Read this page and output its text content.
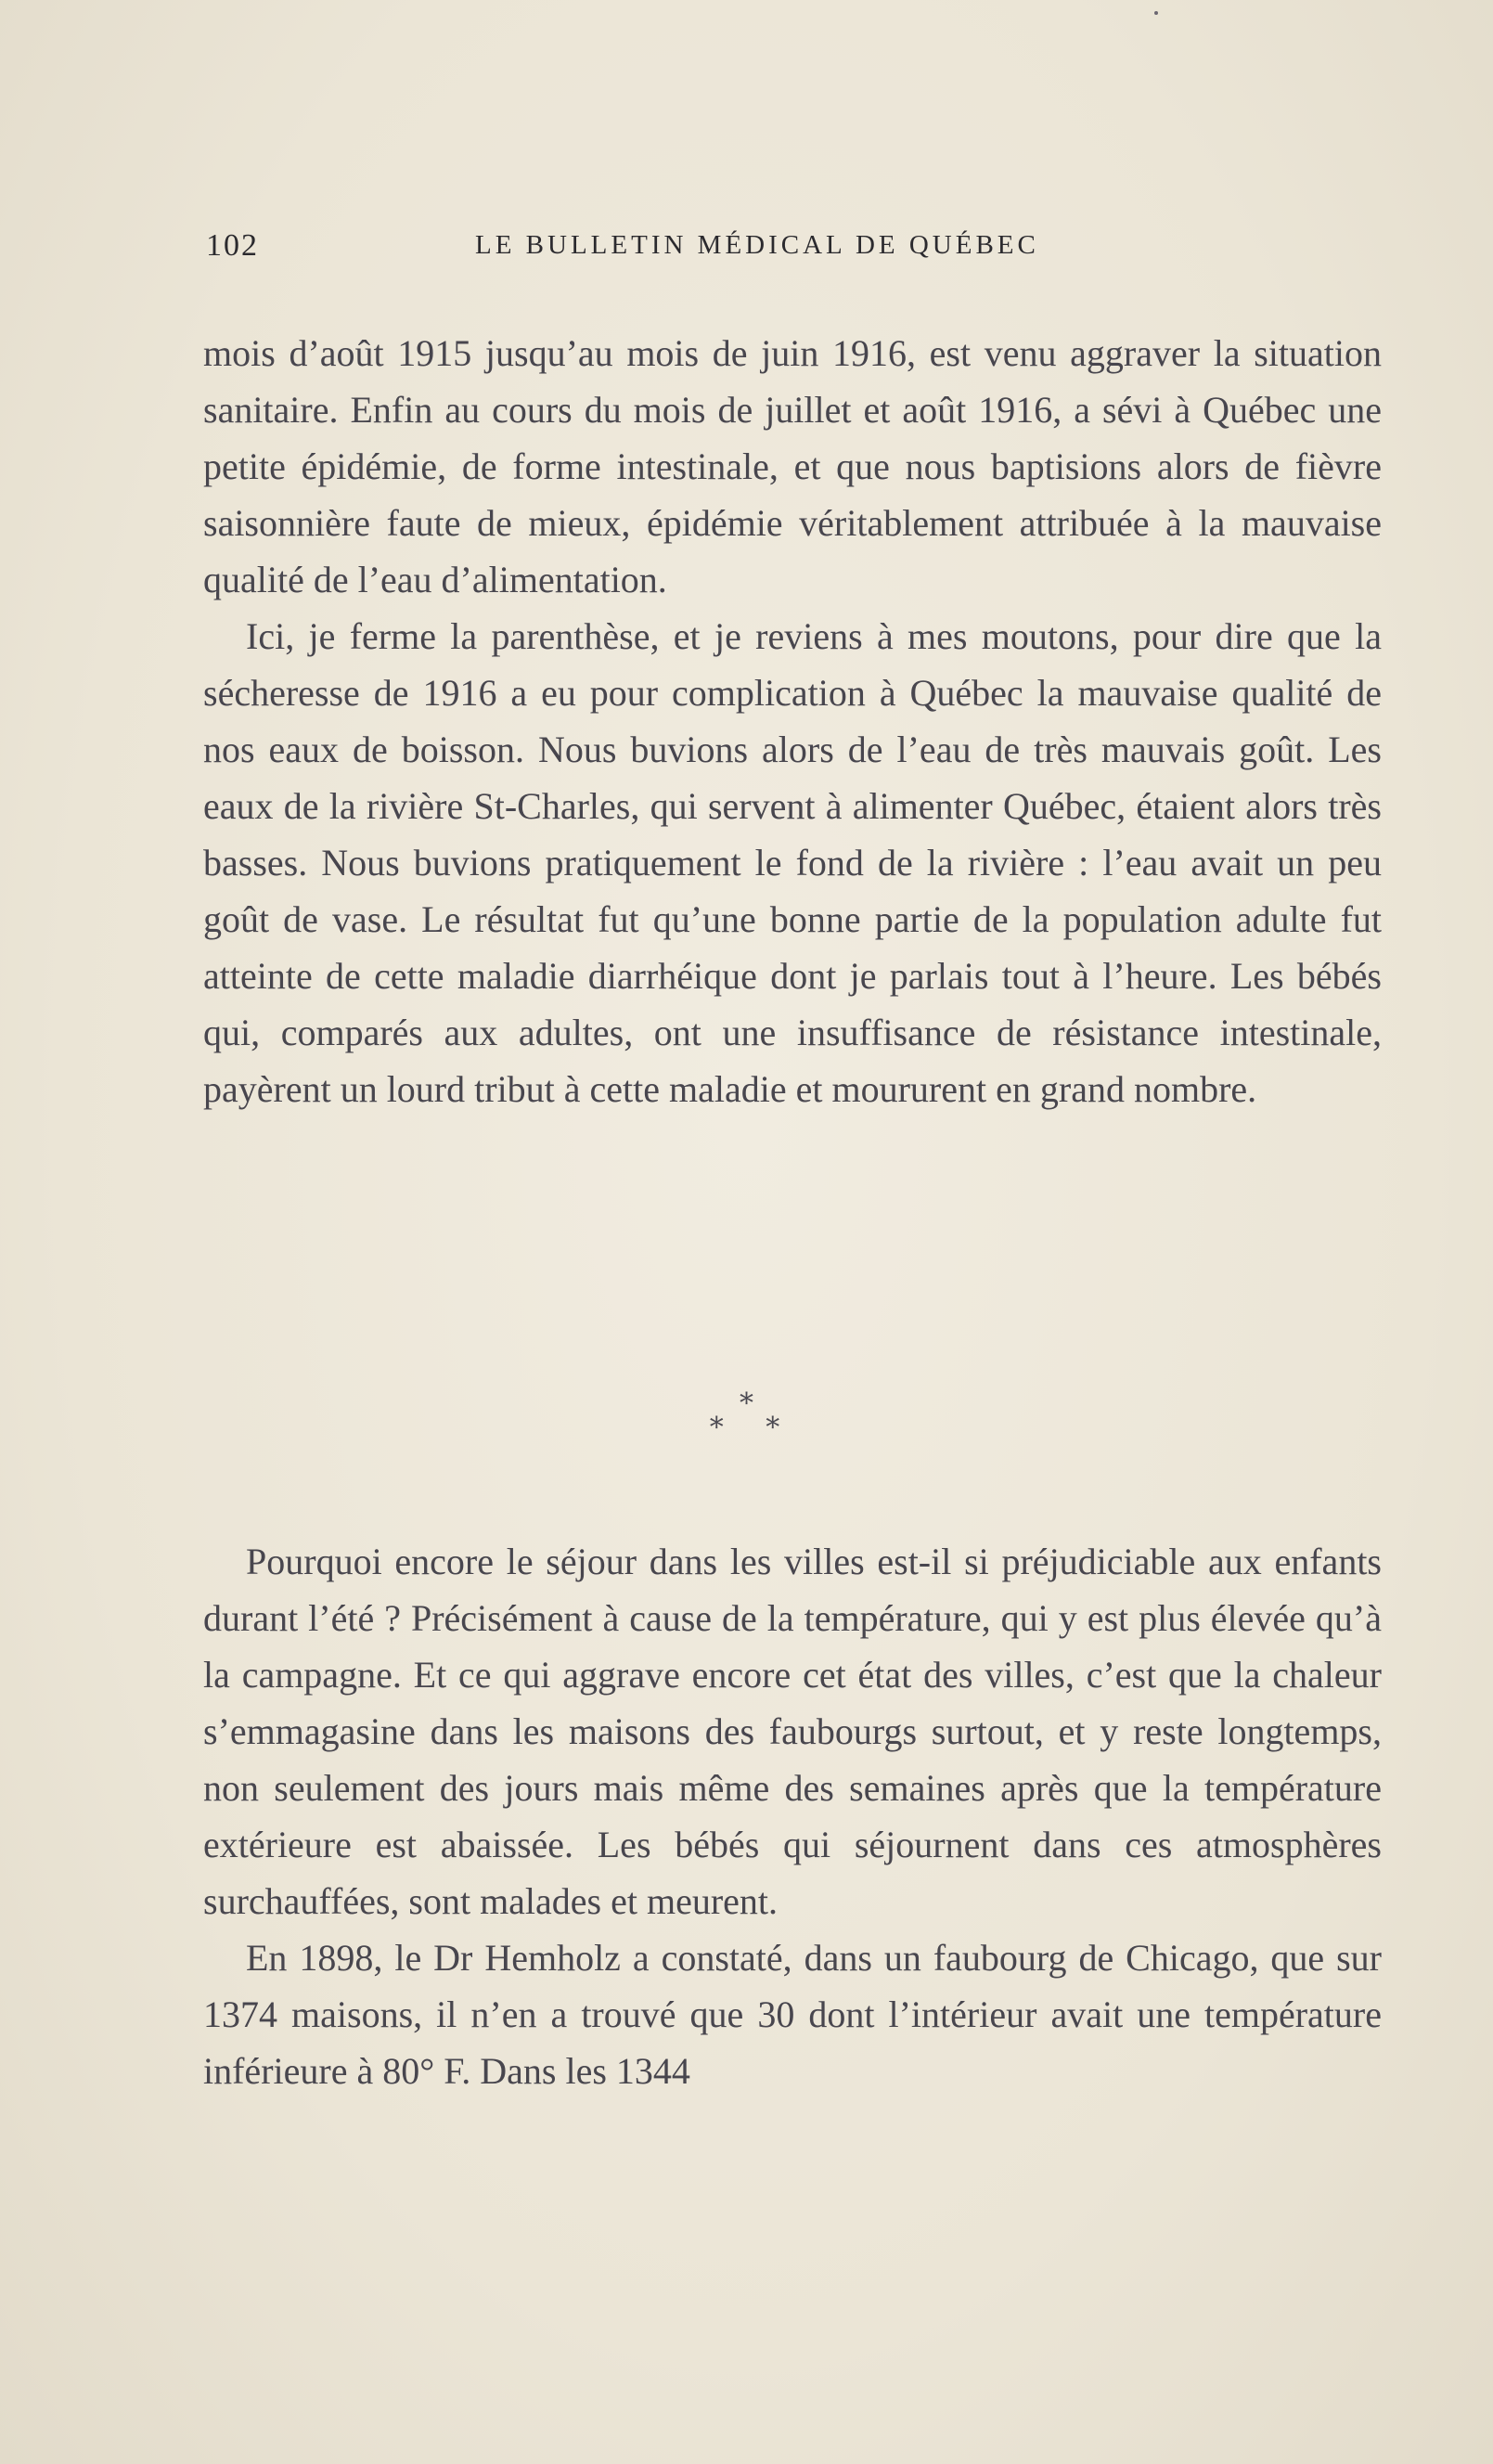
102	LE BULLETIN MÉDICAL DE QUÉBEC

mois d’août 1915 jusqu’au mois de juin 1916, est venu aggraver la situation sanitaire. Enfin au cours du mois de juillet et août 1916, a sévi à Québec une petite épidémie, de forme intestinale, et que nous baptisions alors de fièvre saisonnière faute de mieux, épidémie véritablement attribuée à la mauvaise qualité de l’eau d’alimentation.

Ici, je ferme la parenthèse, et je reviens à mes moutons, pour dire que la sécheresse de 1916 a eu pour complication à Québec la mauvaise qualité de nos eaux de boisson. Nous buvions alors de l’eau de très mauvais goût. Les eaux de la rivière St-Charles, qui servent à alimenter Québec, étaient alors très basses. Nous buvions pratiquement le fond de la rivière : l’eau avait un peu goût de vase. Le résultat fut qu’une bonne partie de la population adulte fut atteinte de cette maladie diarrhéique dont je parlais tout à l’heure. Les bébés qui, comparés aux adultes, ont une insuffisance de résistance intestinale, payèrent un lourd tribut à cette maladie et moururent en grand nombre.

*
* *

Pourquoi encore le séjour dans les villes est-il si préjudiciable aux enfants durant l’été ? Précisément à cause de la température, qui y est plus élevée qu’à la campagne. Et ce qui aggrave encore cet état des villes, c’est que la chaleur s’emmagasine dans les maisons des faubourgs surtout, et y reste longtemps, non seulement des jours mais même des semaines après que la température extérieure est abaissée. Les bébés qui séjournent dans ces atmosphères surchauffées, sont malades et meurent.

En 1898, le Dr Hemholz a constaté, dans un faubourg de Chicago, que sur 1374 maisons, il n’en a trouvé que 30 dont l’intérieur avait une température inférieure à 80° F. Dans les 1344
